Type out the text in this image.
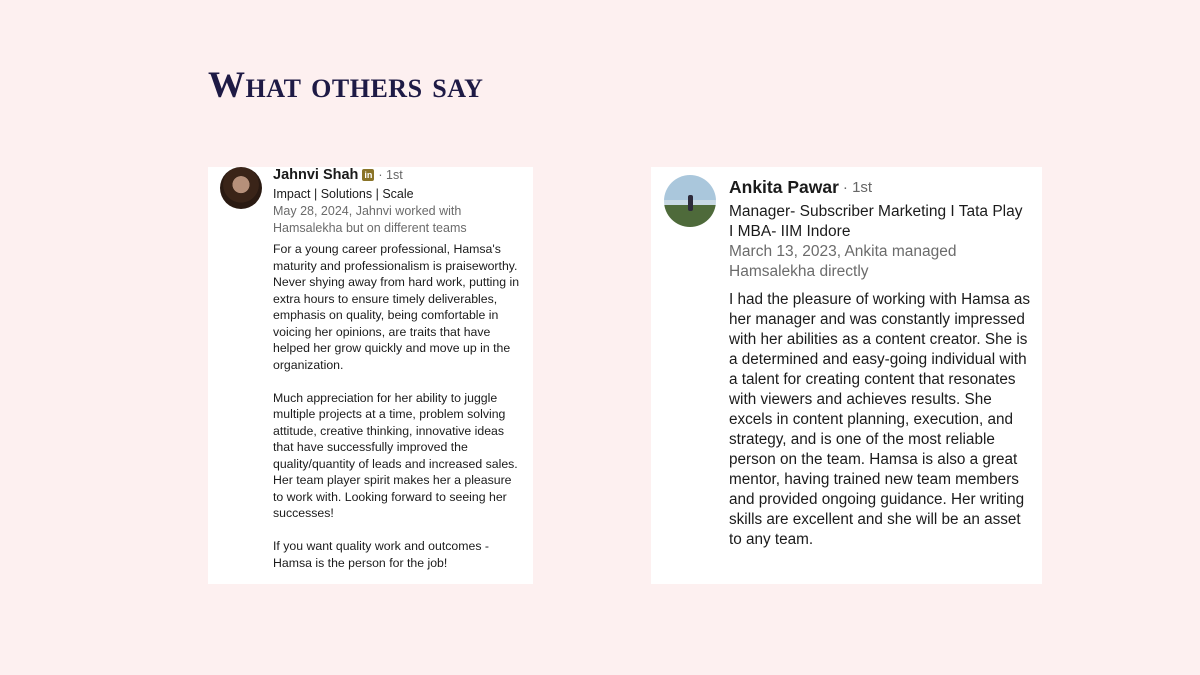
What others say
Jahnvi Shah in · 1st
Impact | Solutions | Scale
May 28, 2024, Jahnvi worked with
Hamsalekha but on different teams

For a young career professional, Hamsa's maturity and professionalism is praiseworthy. Never shying away from hard work, putting in extra hours to ensure timely deliverables, emphasis on quality, being comfortable in voicing her opinions, are traits that have helped her grow quickly and move up in the organization.

Much appreciation for her ability to juggle multiple projects at a time, problem solving attitude, creative thinking, innovative ideas that have successfully improved the quality/quantity of leads and increased sales. Her team player spirit makes her a pleasure to work with. Looking forward to seeing her successes!

If you want quality work and outcomes - Hamsa is the person for the job!

Ankita Pawar · 1st
Manager- Subscriber Marketing I Tata Play
I MBA- IIM Indore
March 13, 2023, Ankita managed
Hamsalekha directly

I had the pleasure of working with Hamsa as her manager and was constantly impressed with her abilities as a content creator. She is a determined and easy-going individual with a talent for creating content that resonates with viewers and achieves results. She excels in content planning, execution, and strategy, and is one of the most reliable person on the team. Hamsa is also a great mentor, having trained new team members and provided ongoing guidance. Her writing skills are excellent and she will be an asset to any team.
